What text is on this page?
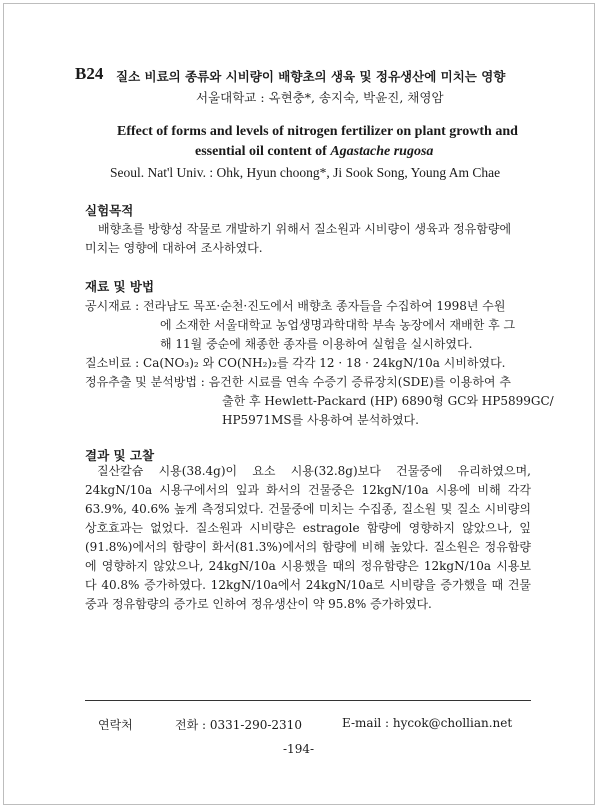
B24 질소 비료의 종류와 시비량이 배향초의 생육 및 정유생산에 미치는 영향
서울대학교 : 옥현충*, 송지숙, 박윤진, 채영암
Effect of forms and levels of nitrogen fertilizer on plant growth and
essential oil content of Agastache rugosa
Seoul. Nat'l Univ. : Ohk, Hyun choong*, Ji Sook Song, Young Am Chae
실험목적
배향초를 방향성 작물로 개발하기 위해서 질소원과 시비량이 생육과 정유함량에
미치는 영향에 대하여 조사하였다.
재료 및 방법
공시재료 : 전라남도 목포·순천·진도에서 배향초 종자들을 수집하여 1998년 수원
에 소재한 서울대학교 농업생명과학대학 부속 농장에서 재배한 후 그
해 11월 중순에 채종한 종자를 이용하여 실험을 실시하였다.
질소비료 : Ca(NO₃)₂ 와 CO(NH₂)₂를 각각 12 · 18 · 24kgN/10a 시비하였다.
정유추출 및 분석방법 : 음건한 시료를 연속 수증기 증류장치(SDE)를 이용하여 추
출한 후 Hewlett-Packard (HP) 6890형 GC와 HP5899GC/
HP5971MS를 사용하여 분석하였다.
결과 및 고찰
질산칼슘 시용(38.4g)이 요소 시용(32.8g)보다 건물중에 유리하였으며, 24kgN/10a 시용구에서의 잎과 화서의 건물중은 12kgN/10a 시용에 비해 각각 63.9%, 40.6% 높게 측정되었다. 건물중에 미치는 수집종, 질소원 및 질소 시비량의 상호효과는 없었다. 질소원과 시비량은 estragole 함량에 영향하지 않았으나, 잎(91.8%)에서의 함량이 화서(81.3%)에서의 함량에 비해 높았다. 질소원은 정유함량에 영향하지 않았으나, 24kgN/10a 시용했을 때의 정유함량은 12kgN/10a 시용보다 40.8% 증가하였다. 12kgN/10a에서 24kgN/10a로 시비량을 증가했을 때 건물중과 정유함량의 증가로 인하여 정유생산이 약 95.8% 증가하였다.
연락처	전화 : 0331-290-2310	E-mail : hycok@chollian.net
-194-
